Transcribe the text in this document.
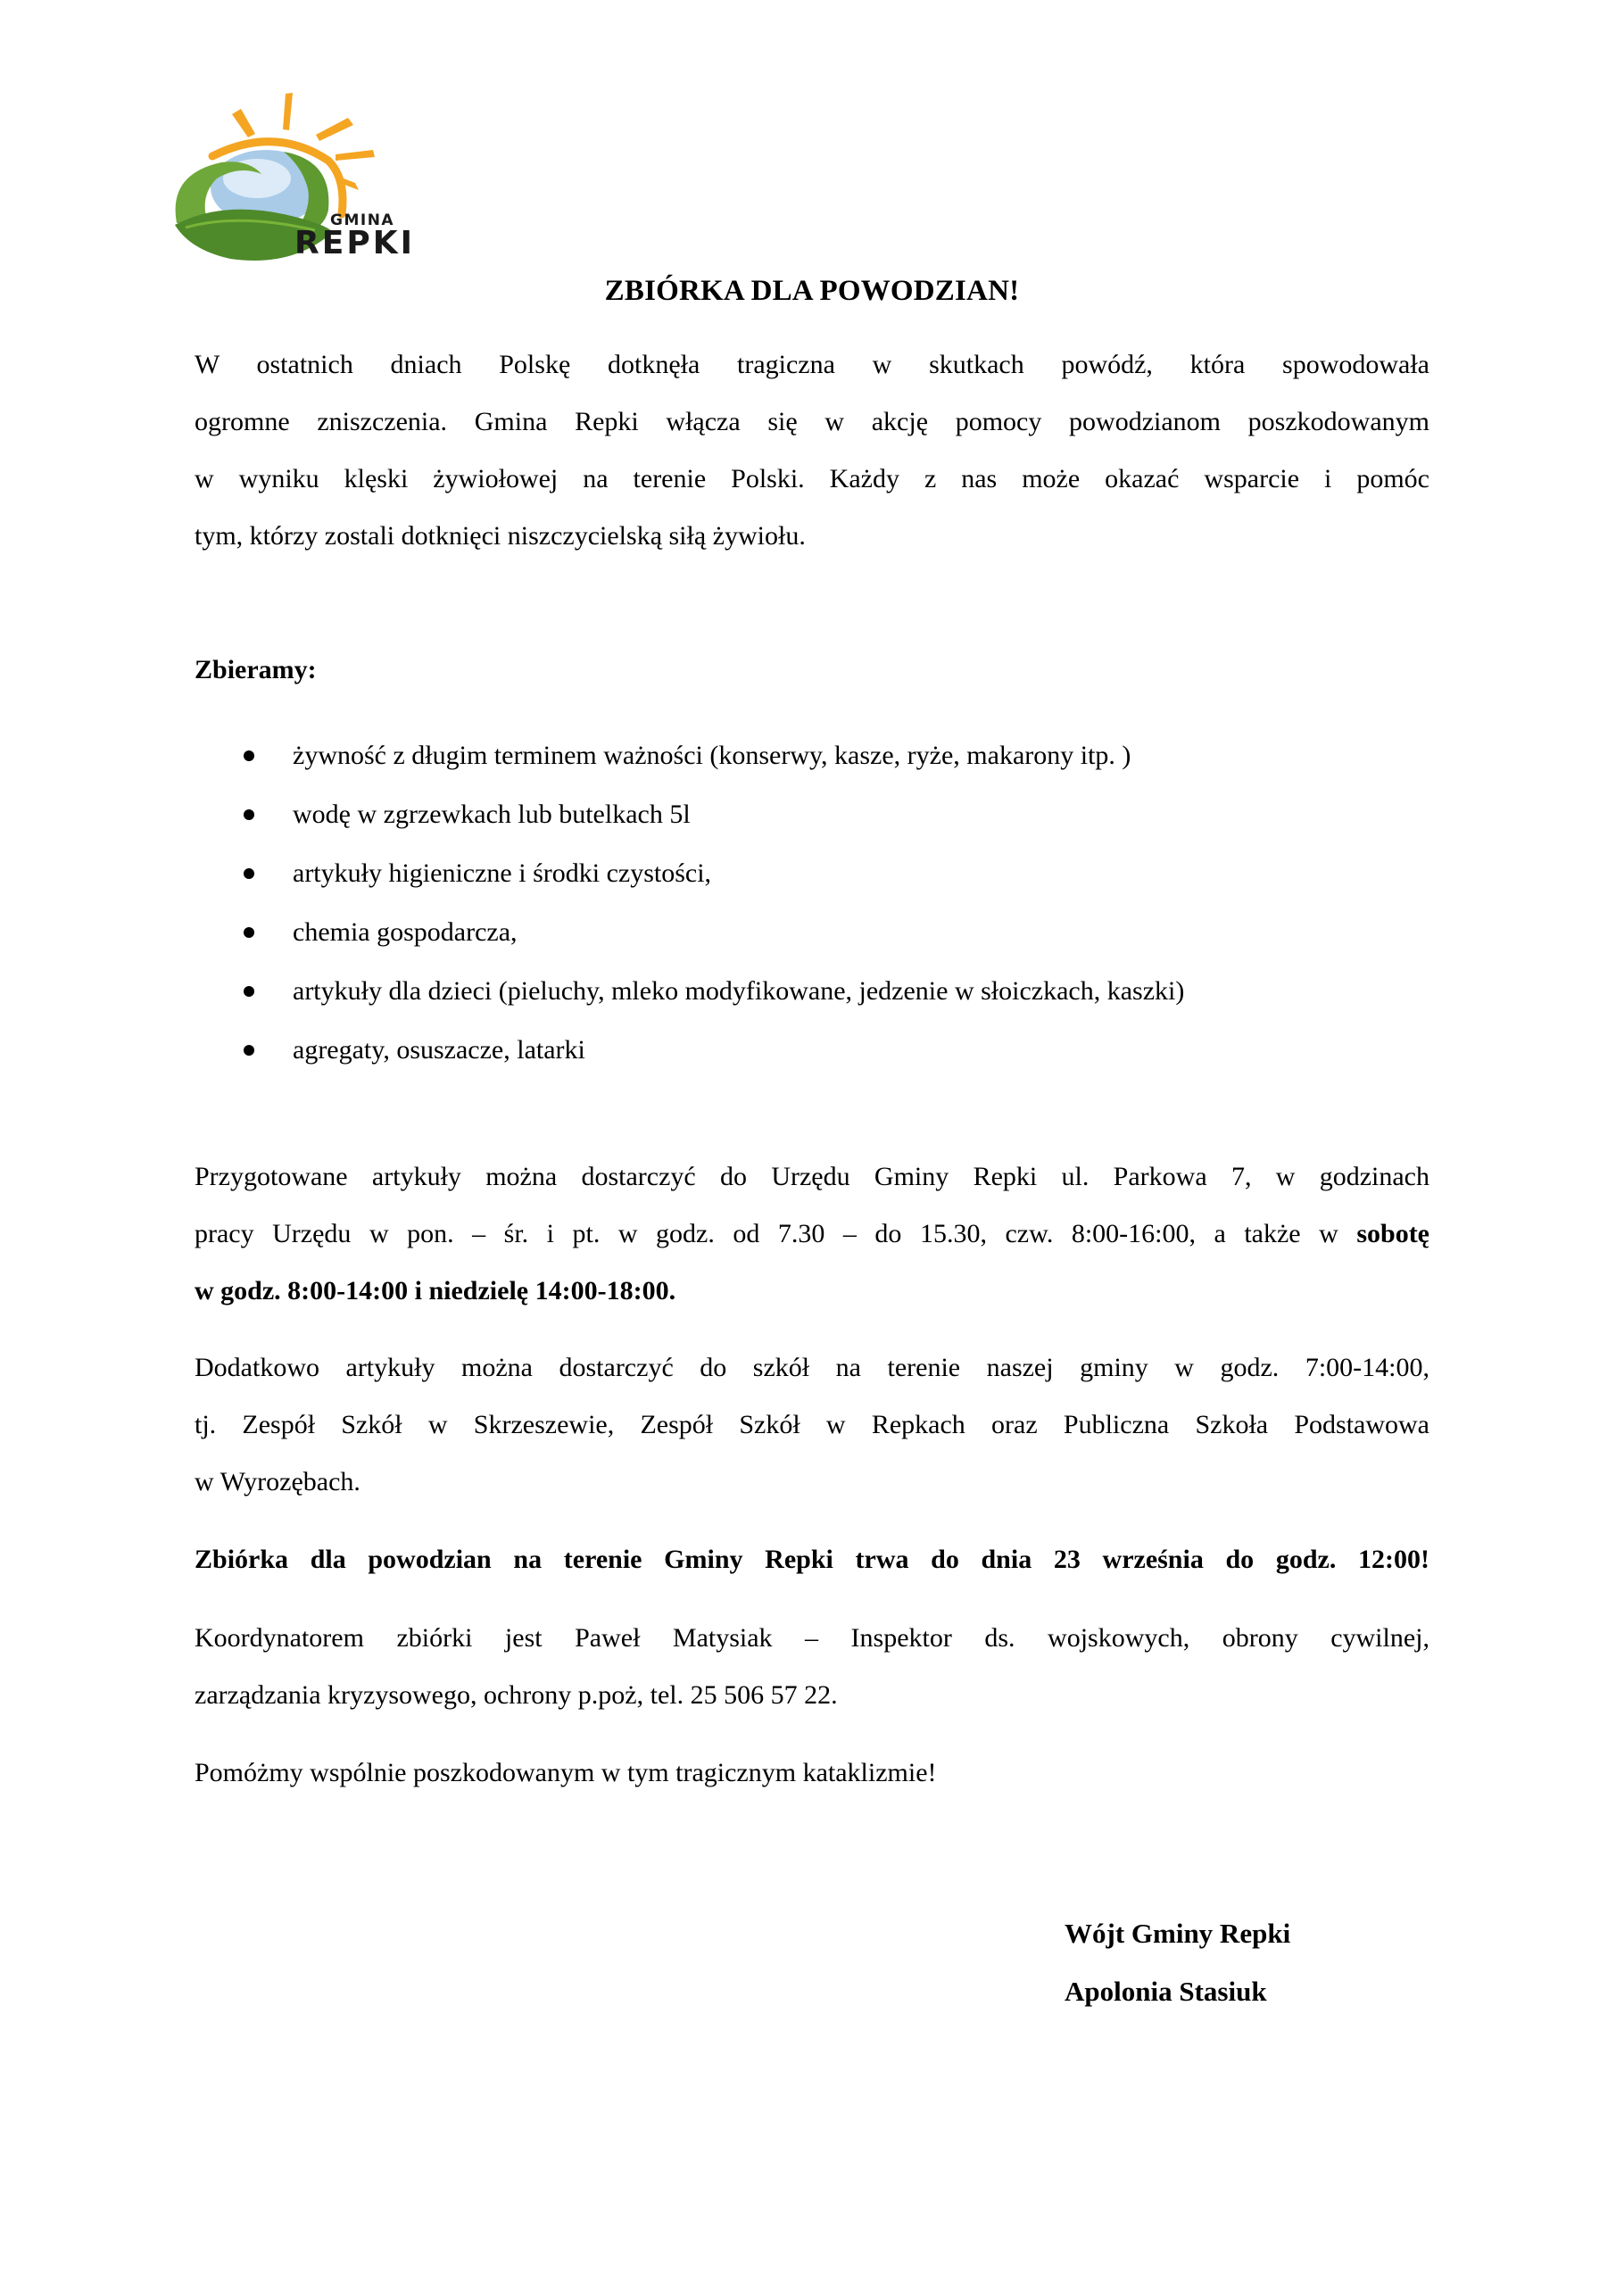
GMINA
REPKI
ZBIÓRKA DLA POWODZIAN!
W ostatnich dniach Polskę dotknęła tragiczna w skutkach powódź, która spowodowała
ogromne zniszczenia. Gmina Repki włącza się w akcję pomocy powodzianom poszkodowanym
w wyniku klęski żywiołowej na terenie Polski. Każdy z nas może okazać wsparcie i pomóc
tym, którzy zostali dotknięci niszczycielską siłą żywiołu.
Zbieramy:
żywność z długim terminem ważności (konserwy, kasze, ryże, makarony itp. )
wodę w zgrzewkach lub butelkach 5l
artykuły higieniczne i środki czystości,
chemia gospodarcza,
artykuły dla dzieci (pieluchy, mleko modyfikowane, jedzenie w słoiczkach, kaszki)
agregaty, osuszacze, latarki
Przygotowane artykuły można dostarczyć do Urzędu Gminy Repki ul. Parkowa 7, w godzinach
pracy Urzędu w pon. – śr. i pt. w godz. od 7.30 – do 15.30, czw. 8:00-16:00, a także w sobotę
w godz. 8:00-14:00 i niedzielę 14:00-18:00.
Dodatkowo artykuły można dostarczyć do szkół na terenie naszej gminy w godz. 7:00-14:00,
tj. Zespół Szkół w Skrzeszewie, Zespół Szkół w Repkach oraz Publiczna Szkoła Podstawowa
w Wyrozębach.
Zbiórka dla powodzian na terenie Gminy Repki trwa do dnia 23 września do godz. 12:00!
Koordynatorem zbiórki jest Paweł Matysiak – Inspektor ds. wojskowych, obrony cywilnej,
zarządzania kryzysowego, ochrony p.poż, tel. 25 506 57 22.
Pomóżmy wspólnie poszkodowanym w tym tragicznym kataklizmie!
Wójt Gminy Repki
Apolonia Stasiuk
